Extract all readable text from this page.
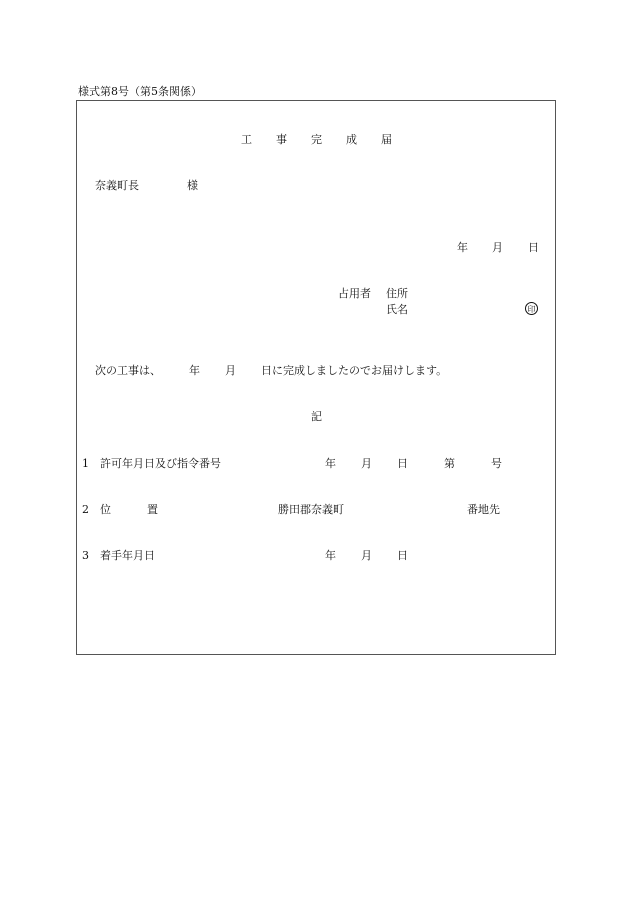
様式第8号（第5条関係）
工 事 完 成 届
奈義町長	様
年 月 日
占用者 住所
氏名	印
次の工事は、	年 月 日に完成しましたのでお届けします。
記
1 許可年月日及び指令番号	年 月 日	第	号
2 位	置	勝田郡奈義町	番地先
3 着手年月日	年 月 日
